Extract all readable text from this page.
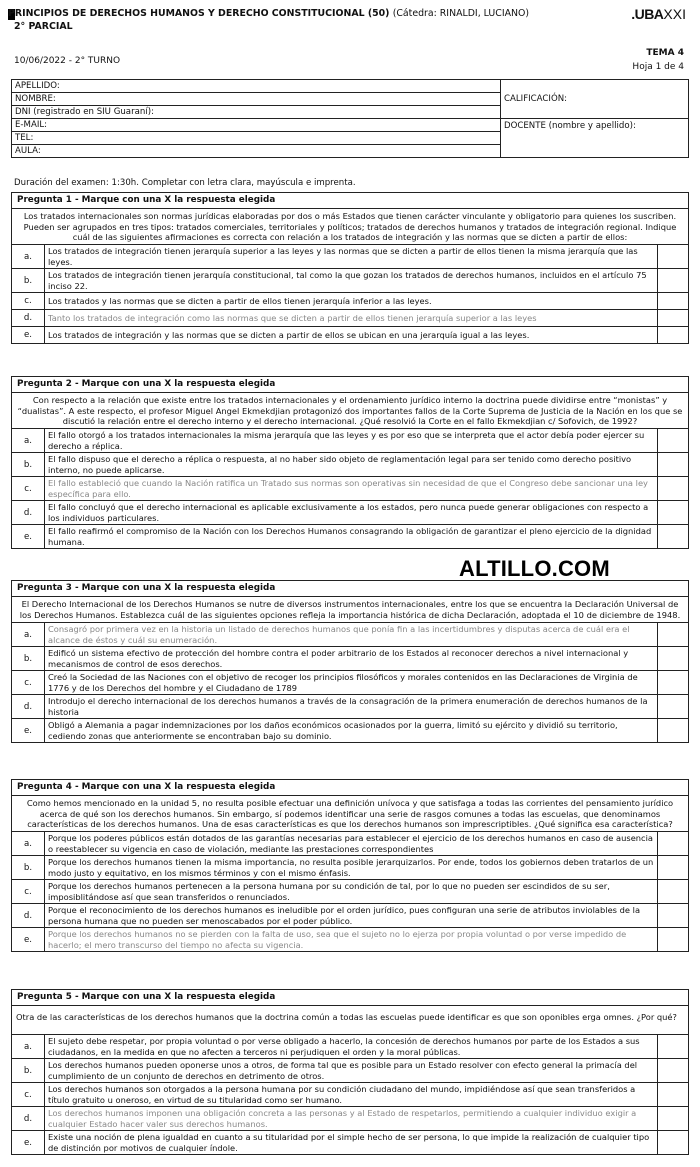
PRINCIPIOS DE DERECHOS HUMANOS Y DERECHO CONSTITUCIONAL (50) (Cátedra: RINALDI, LUCIANO)
2° PARCIAL
.UBAXXI
10/06/2022 - 2° TURNO
TEMA 4
Hoja 1 de 4
APELLIDO:	CALIFICACIÓN:
NOMBRE:	
DNI (registrado en SIU Guaraní):	
E-MAIL:	DOCENTE (nombre y apellido):
TEL:	
AULA:	
Duración del examen: 1:30h. Completar con letra clara, mayúscula e imprenta.
Pregunta 1 - Marque con una X la respuesta elegida
Los tratados internacionales son normas jurídicas elaboradas por dos o más Estados que tienen carácter vinculante y obligatorio para quienes los suscriben. Pueden ser agrupados en tres tipos: tratados comerciales, territoriales y políticos; tratados de derechos humanos y tratados de integración regional. Indique cuál de las siguientes afirmaciones es correcta con relación a los tratados de integración y las normas que se dicten a partir de ellos:
a.
Los tratados de integración tienen jerarquía superior a las leyes y las normas que se dicten a partir de ellos tienen la misma jerarquía que las leyes.
b.
Los tratados de integración tienen jerarquía constitucional, tal como la que gozan los tratados de derechos humanos, incluidos en el artículo 75 inciso 22.
c.	Los tratados y las normas que se dicten a partir de ellos tienen jerarquía inferior a las leyes.
d.	Tanto los tratados de integración como las normas que se dicten a partir de ellos tienen jerarquía superior a las leyes
e.	Los tratados de integración y las normas que se dicten a partir de ellos se ubican en una jerarquía igual a las leyes.
Pregunta 2 - Marque con una X la respuesta elegida
Con respecto a la relación que existe entre los tratados internacionales y el ordenamiento jurídico interno la doctrina puede dividirse entre “monistas” y “dualistas”. A este respecto, el profesor Miguel Angel Ekmekdjian protagonizó dos importantes fallos de la Corte Suprema de Justicia de la Nación en los que se discutió la relación entre el derecho interno y el derecho internacional. ¿Qué resolvió la Corte en el fallo Ekmekdjian c/ Sofovich, de 1992?
a.
El fallo otorgó a los tratados internacionales la misma jerarquía que las leyes y es por eso que se interpreta que el actor debía poder ejercer su derecho a réplica.
b.
El fallo dispuso que el derecho a réplica o respuesta, al no haber sido objeto de reglamentación legal para ser tenido como derecho positivo interno, no puede aplicarse.
c.
El fallo estableció que cuando la Nación ratifica un Tratado sus normas son operativas sin necesidad de que el Congreso debe sancionar una ley específica para ello.
d.
El fallo concluyó que el derecho internacional es aplicable exclusivamente a los estados, pero nunca puede generar obligaciones con respecto a los individuos particulares.
e.
El fallo reafirmó el compromiso de la Nación con los Derechos Humanos consagrando la obligación de garantizar el pleno ejercicio de la dignidad humana.
ALTILLO.COM
Pregunta 3 - Marque con una X la respuesta elegida
El Derecho Internacional de los Derechos Humanos se nutre de diversos instrumentos internacionales, entre los que se encuentra la Declaración Universal de los Derechos Humanos. Establezca cuál de las siguientes opciones refleja la importancia histórica de dicha Declaración, adoptada el 10 de diciembre de 1948.
a.
Consagró por primera vez en la historia un listado de derechos humanos que ponía fin a las incertidumbres y disputas acerca de cuál era el alcance de éstos y cuál su enumeración.
b.
Edificó un sistema efectivo de protección del hombre contra el poder arbitrario de los Estados al reconocer derechos a nivel internacional y mecanismos de control de esos derechos.
c.
Creó la Sociedad de las Naciones con el objetivo de recoger los principios filosóficos y morales contenidos en las Declaraciones de Virginia de 1776 y de los Derechos del hombre y el Ciudadano de 1789
d.
Introdujo el derecho internacional de los derechos humanos a través de la consagración de la primera enumeración de derechos humanos de la historia
e.
Obligó a Alemania a pagar indemnizaciones por los daños económicos ocasionados por la guerra, limitó su ejército y dividió su territorio, cediendo zonas que anteriormente se encontraban bajo su dominio.
Pregunta 4 - Marque con una X la respuesta elegida
Como hemos mencionado en la unidad 5, no resulta posible efectuar una definición unívoca y que satisfaga a todas las corrientes del pensamiento jurídico acerca de qué son los derechos humanos. Sin embargo, sí podemos identificar una serie de rasgos comunes a todas las escuelas, que denominamos características de los derechos humanos. Una de esas características es que los derechos humanos son imprescriptibles. ¿Qué significa esa característica?
a.
Porque los poderes públicos están dotados de las garantías necesarias para establecer el ejercicio de los derechos humanos en caso de ausencia o reestablecer su vigencia en caso de violación, mediante las prestaciones correspondientes
b.
Porque los derechos humanos tienen la misma importancia, no resulta posible jerarquizarlos. Por ende, todos los gobiernos deben tratarlos de un modo justo y equitativo, en los mismos términos y con el mismo énfasis.
c.
Porque los derechos humanos pertenecen a la persona humana por su condición de tal, por lo que no pueden ser escindidos de su ser, imposiblitándose así que sean transferidos o renunciados.
d.
Porque el reconocimiento de los derechos humanos es ineludible por el orden jurídico, pues configuran una serie de atributos inviolables de la persona humana que no pueden ser menoscabados por el poder público.
e.
Porque los derechos humanos no se pierden con la falta de uso, sea que el sujeto no lo ejerza por propia voluntad o por verse impedido de hacerlo; el mero transcurso del tiempo no afecta su vigencia.
Pregunta 5 - Marque con una X la respuesta elegida
Otra de las características de los derechos humanos que la doctrina común a todas las escuelas puede identificar es que son oponibles erga omnes. ¿Por qué?
a.
El sujeto debe respetar, por propia voluntad o por verse obligado a hacerlo, la concesión de derechos humanos por parte de los Estados a sus ciudadanos, en la medida en que no afecten a terceros ni perjudiquen el orden y la moral públicas.
b.
Los derechos humanos pueden oponerse unos a otros, de forma tal que es posible para un Estado resolver con efecto general la primacía del cumplimiento de un conjunto de derechos en detrimento de otros.
c.
Los derechos humanos son otorgados a la persona humana por su condición ciudadano del mundo, impidiéndose así que sean transferidos a título gratuito u oneroso, en virtud de su titularidad como ser humano.
d.
Los derechos humanos imponen una obligación concreta a las personas y al Estado de respetarlos, permitiendo a cualquier individuo exigir a cualquier Estado hacer valer sus derechos humanos.
e.
Existe una noción de plena igualdad en cuanto a su titularidad por el simple hecho de ser persona, lo que impide la realización de cualquier tipo de distinción por motivos de cualquier índole.
